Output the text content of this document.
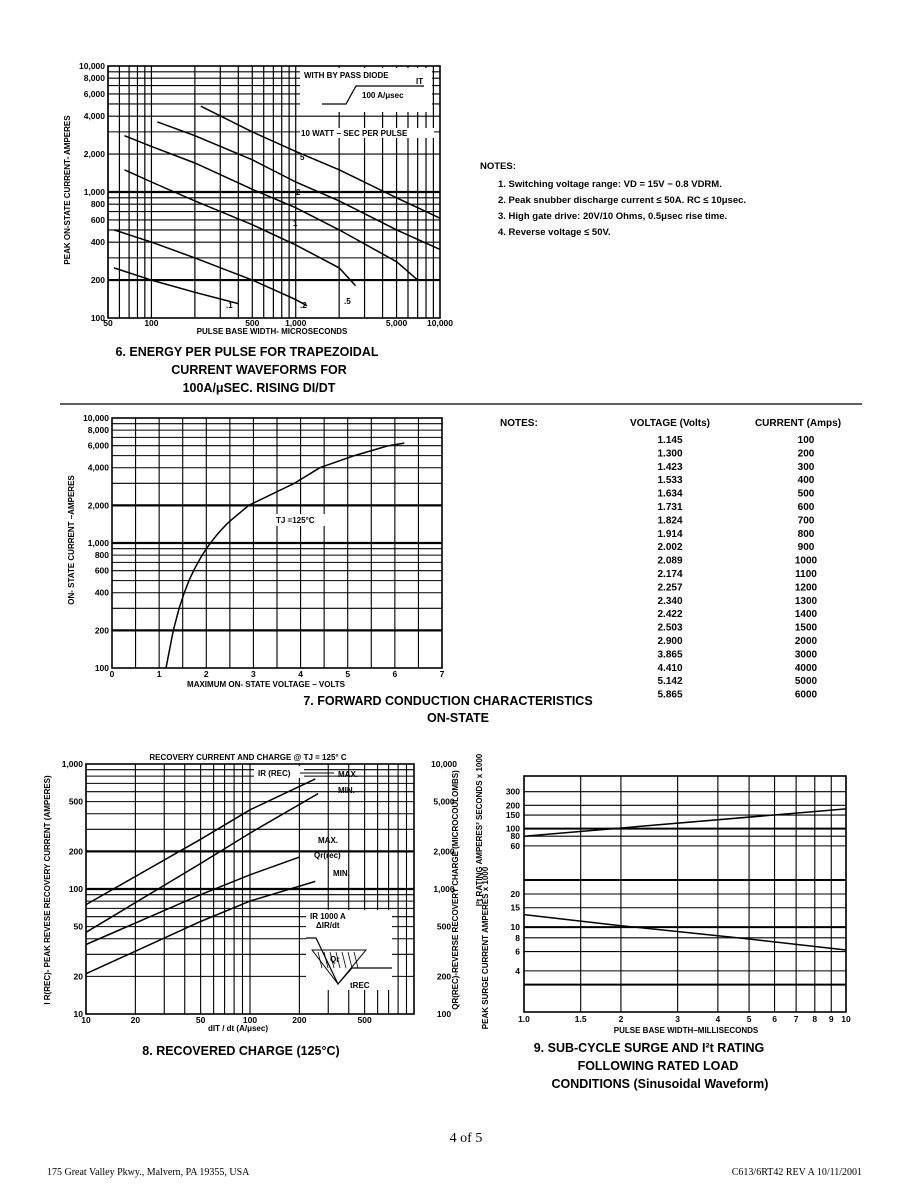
50	100	500	1,000	5,000 10,000
100
200
400
600
800
1,000
2,000
4,000
6,000
8,000
10,000
PULSE BASE WIDTH- MICROSECONDS
PEAK ON-STATE CURRENT- AMPERES
.1	.2	.5
1
2
5
WITH BY PASS DIODE
100 A/μsec
IT
10 WATT − SEC PER PULSE
6. ENERGY PER PULSE FOR TRAPEZOIDAL
CURRENT WAVEFORMS FOR
100A/μSEC. RISING DI/DT
NOTES:
1. Switching voltage range: VD = 15V − 0.8 VDRM.
2. Peak snubber discharge current ≤ 50A. RC ≤ 10μsec.
3. High gate drive: 20V/10 Ohms, 0.5μsec rise time.
4. Reverse voltage ≤ 50V.
0	1	2	3	4	5	6	7
100
200
400
600
800
1,000
2,000
4,000
6,000
8,000
10,000
MAXIMUM ON- STATE VOLTAGE – VOLTS
ON- STATE CURRENT –AMPERES	TJ =125°C
7. FORWARD CONDUCTION CHARACTERISTICS
ON-STATE
NOTES:	VOLTAGE (Volts)	CURRENT (Amps)
1.145	100
1.300	200
1.423	300
1.533	400
1.634	500
1.731	600
1.824	700
1.914	800
2.002	900
2.089	1000
2.174	1100
2.257	1200
2.340	1300
2.422	1400
2.503	1500
2.900	2000
3.865	3000
4.410	4000
5.142	5000
5.865	6000
10	20	50	100	200	500
10
20
50
100
200
500
1,000
100
200
500
1,000
2,000
5,000
10,000
RECOVERY CURRENT AND CHARGE @ TJ = 125° C
dIT / dt (A/μsec)
I R(REC)- PEAK REVESE RECOVERY CURRENT (AMPERES)	QR(REC)-REVERSE RECOVERY CHARGE (MICROCOULOMBS)
IR (REC)	MAX.
MIN.
MAX.
Qr(rec)
MIN.
IR 1000 A
ΔIR/dt
Qr
tREC
8. RECOVERED CHARGE (125°C)
1.0	1.5	2	3	4	5 6 7 8 9 10
60
80
100
150
200
300
4
6
8
10
15
20
PULSE BASE WIDTH–MILLISECONDS
I²t RATING AMPERES² SECONDS x 1000
PEAK SURGE CURRENT AMPERES x 1000
9. SUB-CYCLE SURGE AND I²t RATING
FOLLOWING RATED LOAD
CONDITIONS (Sinusoidal Waveform)
4 of 5
175 Great Valley Pkwy., Malvern, PA 19355, USA	C613/6RT42 REV A 10/11/2001
